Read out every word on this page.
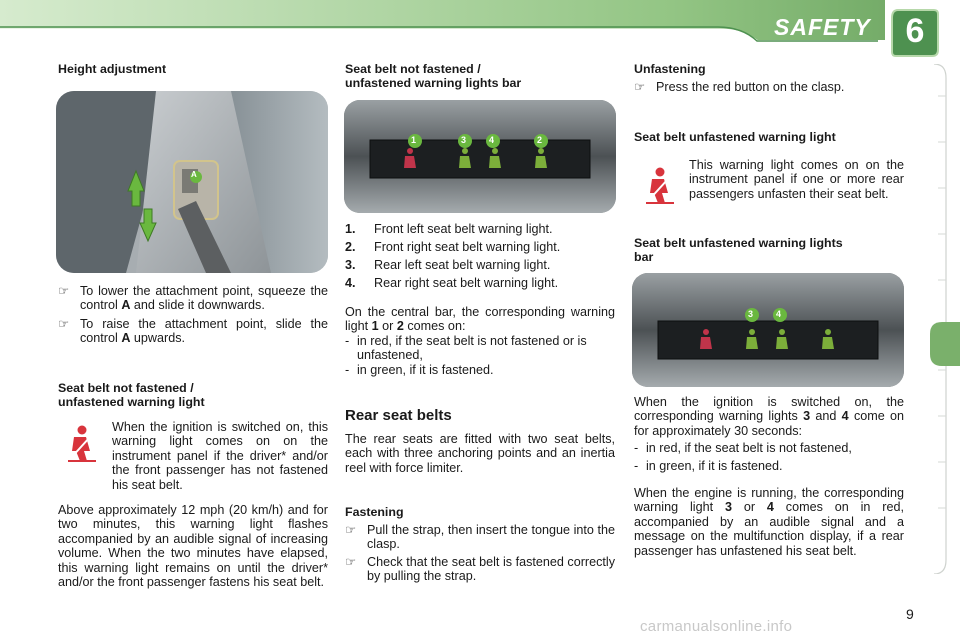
SAFETY	6
Height adjustment
A
☞ To lower the attachment point, squeeze the control A and slide it downwards.
☞ To raise the attachment point, slide the control A upwards.
Seat belt not fastened /
unfastened warning light
When the ignition is switched on, this warning light comes on on the instrument panel if the driver* and/or the front passenger has not fastened his seat belt.
Above approximately 12 mph (20 km/h) and for two minutes, this warning light flashes accompanied by an audible signal of increasing volume. When the two minutes have elapsed, this warning light remains on until the driver* and/or the front passenger fastens his seat belt.
Seat belt not fastened /
unfastened warning lights bar
1	3	4	2
1. Front left seat belt warning light.
2. Front right seat belt warning light.
3. Rear left seat belt warning light.
4. Rear right seat belt warning light.
On the central bar, the corresponding warning light 1 or 2 comes on:
- in red, if the seat belt is not fastened or is unfastened,
- in green, if it is fastened.
Rear seat belts
The rear seats are fitted with two seat belts, each with three anchoring points and an inertia reel with force limiter.
Fastening
☞ Pull the strap, then insert the tongue into the clasp.
☞ Check that the seat belt is fastened correctly by pulling the strap.
Unfastening
☞ Press the red button on the clasp.
Seat belt unfastened warning light
This warning light comes on on the instrument panel if one or more rear passengers unfasten their seat belt.
Seat belt unfastened warning lights
bar
3	4
When the ignition is switched on, the corresponding warning lights 3 and 4 come on for approximately 30 seconds:
- in red, if the seat belt is not fastened,
- in green, if it is fastened.
When the engine is running, the corresponding warning light 3 or 4 comes on in red, accompanied by an audible signal and a message on the multifunction display, if a rear passenger has unfastened his seat belt.
9
carmanualsonline.info
